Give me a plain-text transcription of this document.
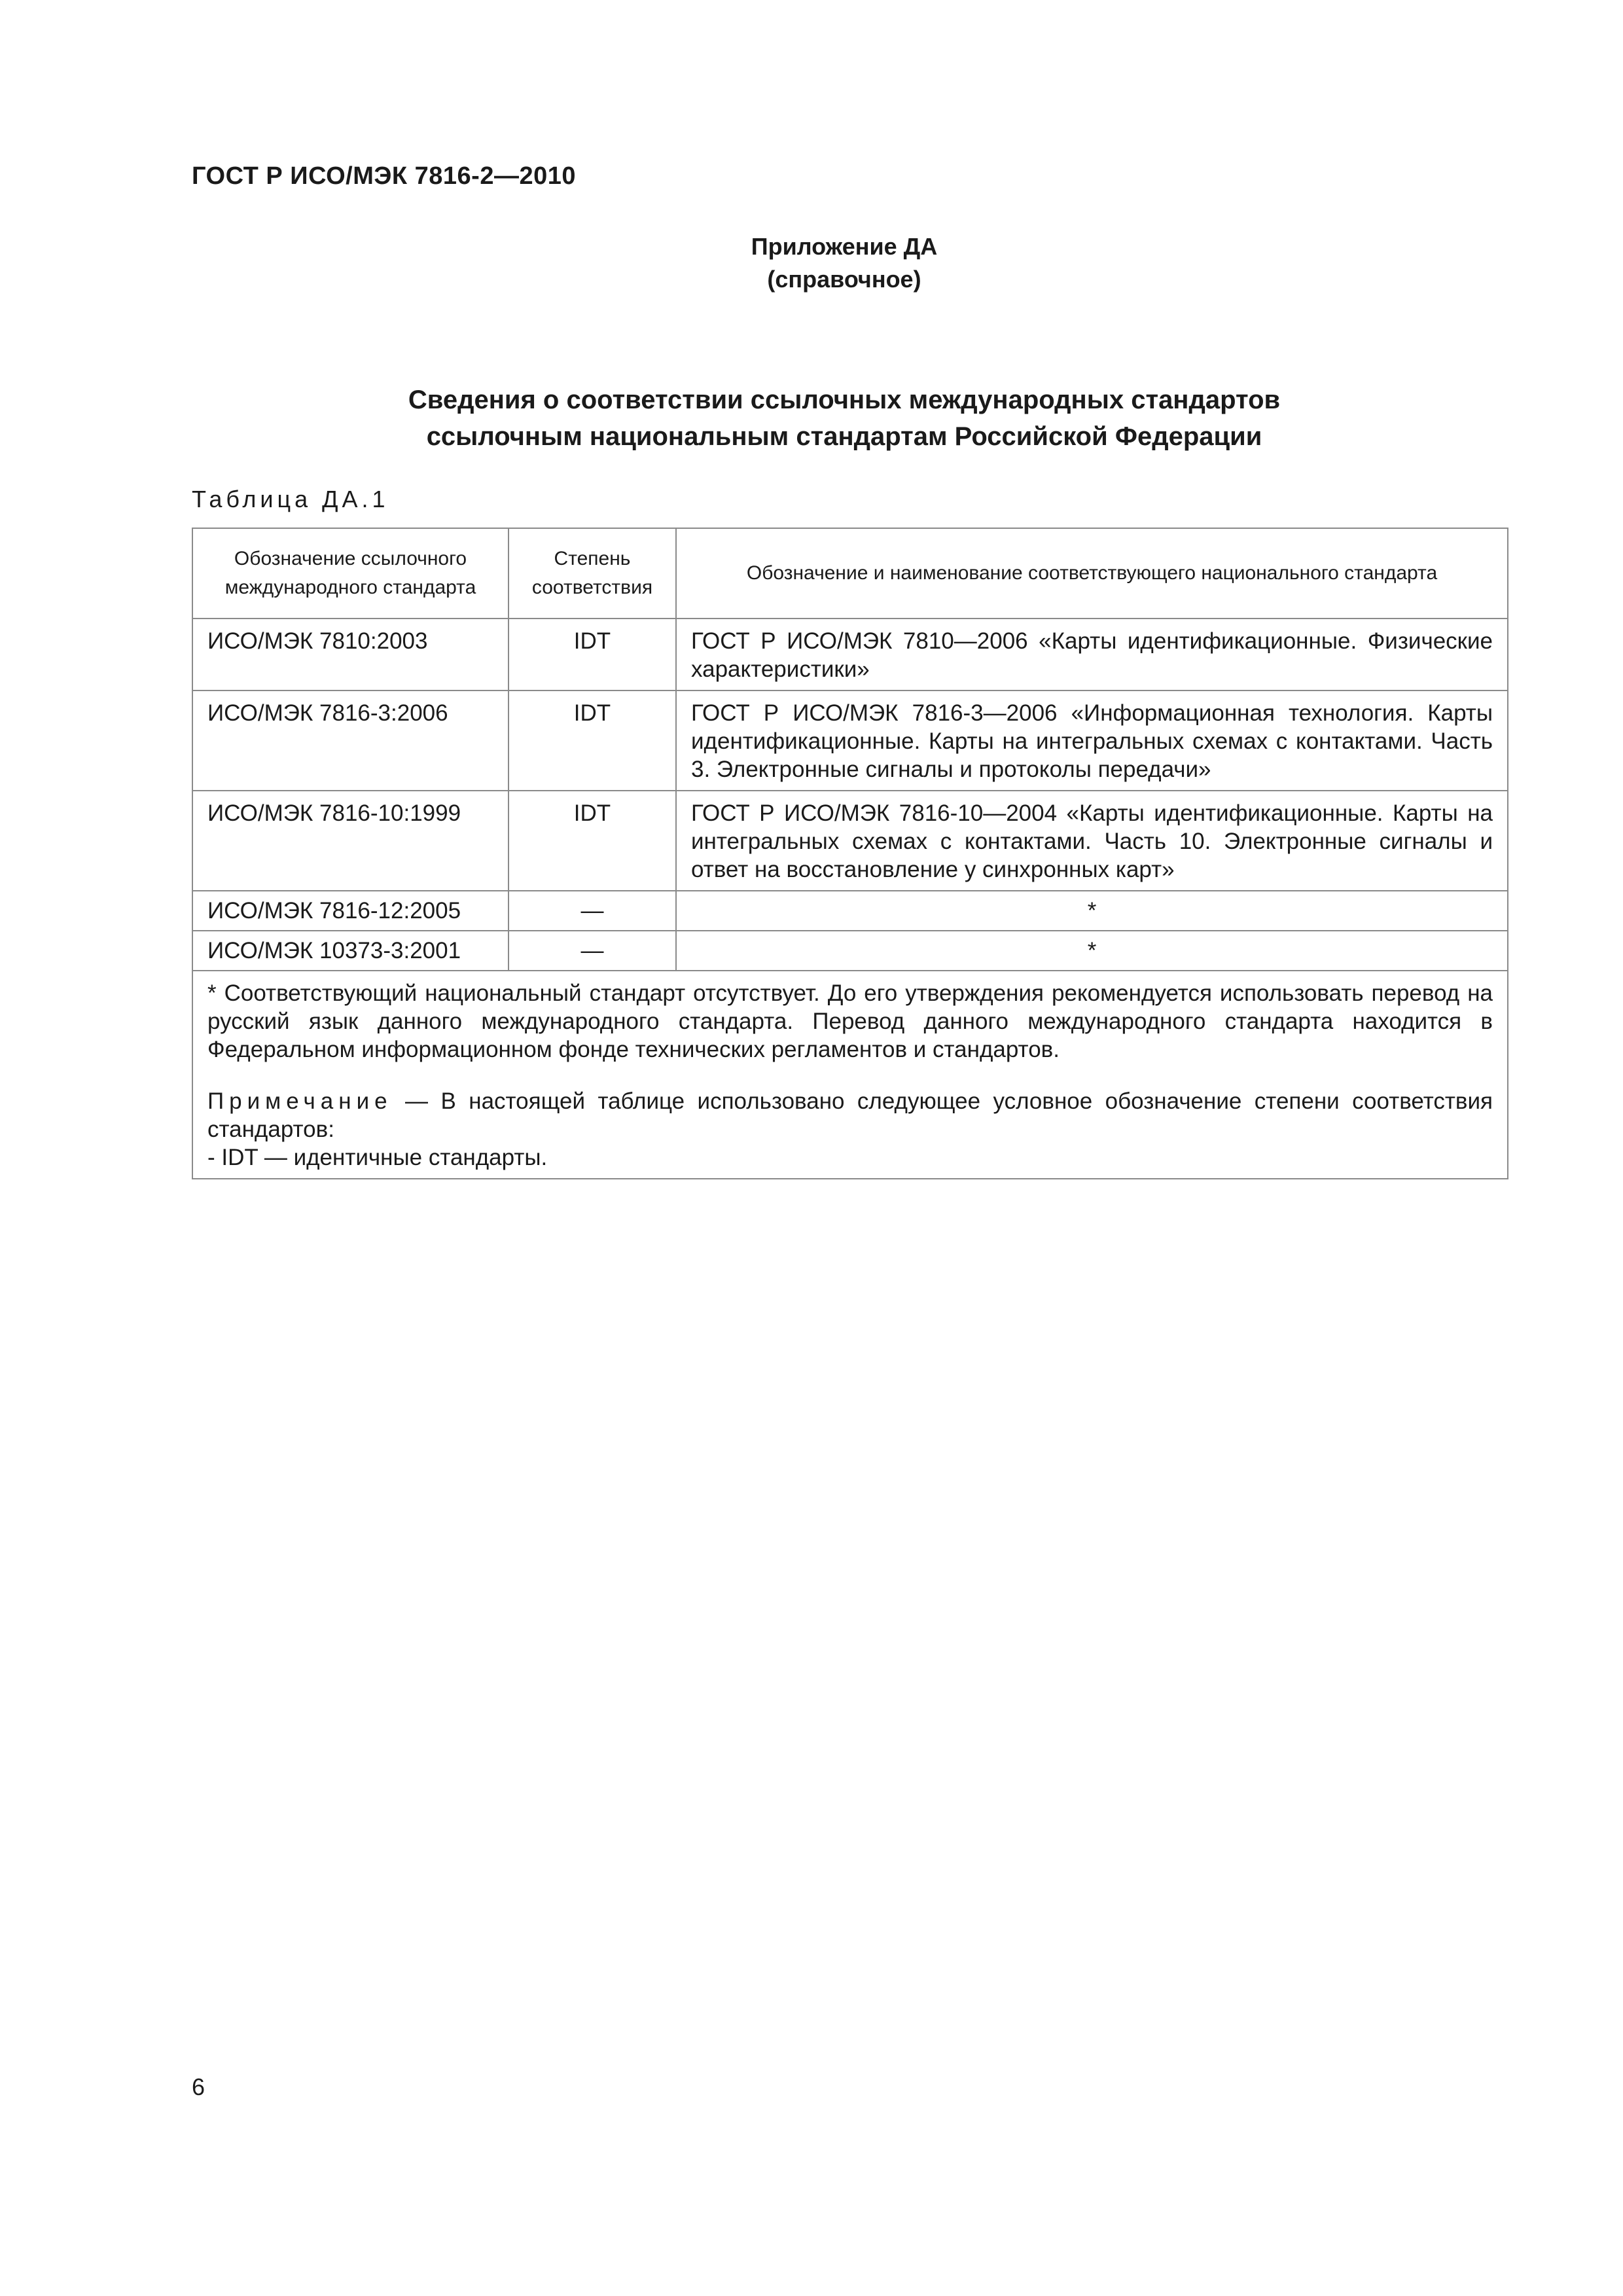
ГОСТ Р ИСО/МЭК 7816-2—2010
Приложение ДА
(справочное)
Сведения о соответствии ссылочных международных стандартов
ссылочным национальным стандартам Российской Федерации
Таблица ДА.1
Обозначение ссылочного международного стандарта	Степень соответствия	Обозначение и наименование соответствующего национального стандарта
ИСО/МЭК 7810:2003	IDT	ГОСТ Р ИСО/МЭК 7810—2006 «Карты идентификационные. Физические характеристики»
ИСО/МЭК 7816-3:2006	IDT	ГОСТ Р ИСО/МЭК 7816-3—2006 «Информационная технология. Карты идентификационные. Карты на интегральных схемах с контактами. Часть 3. Электронные сигналы и протоколы передачи»
ИСО/МЭК 7816-10:1999	IDT	ГОСТ Р ИСО/МЭК 7816-10—2004 «Карты идентификационные. Карты на интегральных схемах с контактами. Часть 10. Электронные сигналы и ответ на восстановление у синхронных карт»
ИСО/МЭК 7816-12:2005	—	*
ИСО/МЭК 10373-3:2001	—	*

* Соответствующий национальный стандарт отсутствует. До его утверждения рекомендуется использовать перевод на русский язык данного международного стандарта. Перевод данного международного стандарта находится в Федеральном информационном фонде технических регламентов и стандартов.
Примечание — В настоящей таблице использовано следующее условное обозначение степени соответствия стандартов:
- IDT — идентичные стандарты.		
6
